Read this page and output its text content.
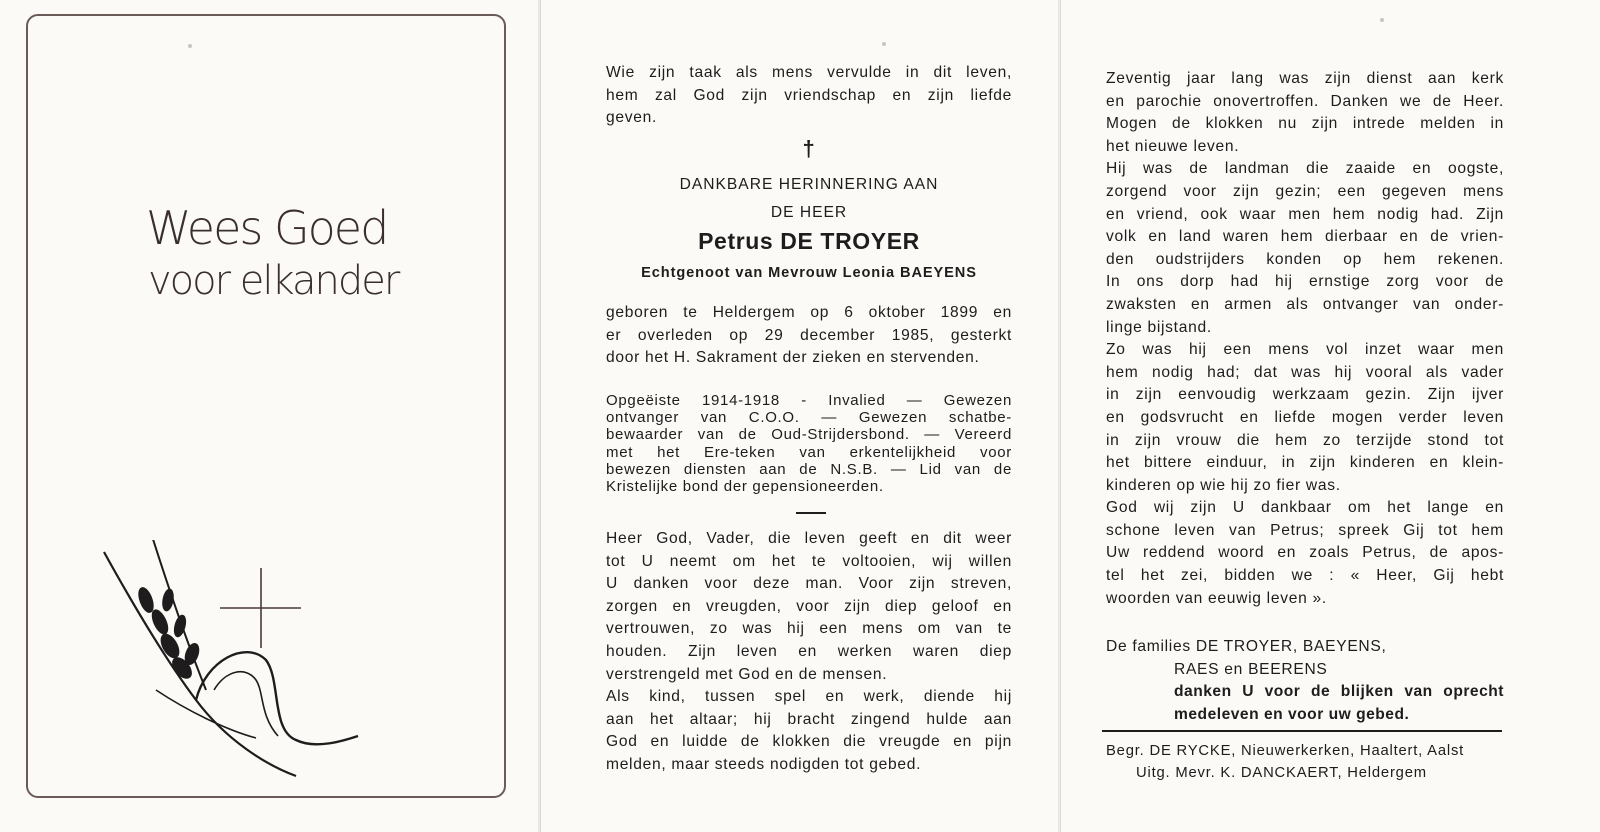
Wees Goed
voor elkander
Wie zijn taak als mens vervulde in dit leven,
hem zal God zijn vriendschap en zijn liefde
geven.
†
DANKBARE HERINNERING AAN
DE HEER
Petrus DE TROYER
Echtgenoot van Mevrouw Leonia BAEYENS
geboren te Heldergem op 6 oktober 1899 en
er overleden op 29 december 1985, gesterkt
door het H. Sakrament der zieken en stervenden.
Opgeëiste 1914-1918 - Invalied — Gewezen
ontvanger van C.O.O. — Gewezen schatbe-
bewaarder van de Oud-Strijdersbond. — Vereerd
met het Ere-teken van erkentelijkheid voor
bewezen diensten aan de N.S.B. — Lid van de
Kristelijke bond der gepensioneerden.
Heer God, Vader, die leven geeft en dit weer
tot U neemt om het te voltooien, wij willen
U danken voor deze man. Voor zijn streven,
zorgen en vreugden, voor zijn diep geloof en
vertrouwen, zo was hij een mens om van te
houden. Zijn leven en werken waren diep
verstrengeld met God en de mensen.
Als kind, tussen spel en werk, diende hij
aan het altaar; hij bracht zingend hulde aan
God en luidde de klokken die vreugde en pijn
melden, maar steeds nodigden tot gebed.
Zeventig jaar lang was zijn dienst aan kerk
en parochie onovertroffen. Danken we de Heer.
Mogen de klokken nu zijn intrede melden in
het nieuwe leven.
Hij was de landman die zaaide en oogste,
zorgend voor zijn gezin; een gegeven mens
en vriend, ook waar men hem nodig had. Zijn
volk en land waren hem dierbaar en de vrien-
den oudstrijders konden op hem rekenen.
In ons dorp had hij ernstige zorg voor de
zwaksten en armen als ontvanger van onder-
linge bijstand.
Zo was hij een mens vol inzet waar men
hem nodig had; dat was hij vooral als vader
in zijn eenvoudig werkzaam gezin. Zijn ijver
en godsvrucht en liefde mogen verder leven
in zijn vrouw die hem zo terzijde stond tot
het bittere einduur, in zijn kinderen en klein-
kinderen op wie hij zo fier was.
God wij zijn U dankbaar om het lange en
schone leven van Petrus; spreek Gij tot hem
Uw reddend woord en zoals Petrus, de apos-
tel het zei, bidden we : « Heer, Gij hebt
woorden van eeuwig leven ».
De families DE TROYER, BAEYENS,
RAES en BEERENS
danken U voor de blijken van oprecht
medeleven en voor uw gebed.
Begr. DE RYCKE, Nieuwerkerken, Haaltert, Aalst
Uitg. Mevr. K. DANCKAERT, Heldergem
